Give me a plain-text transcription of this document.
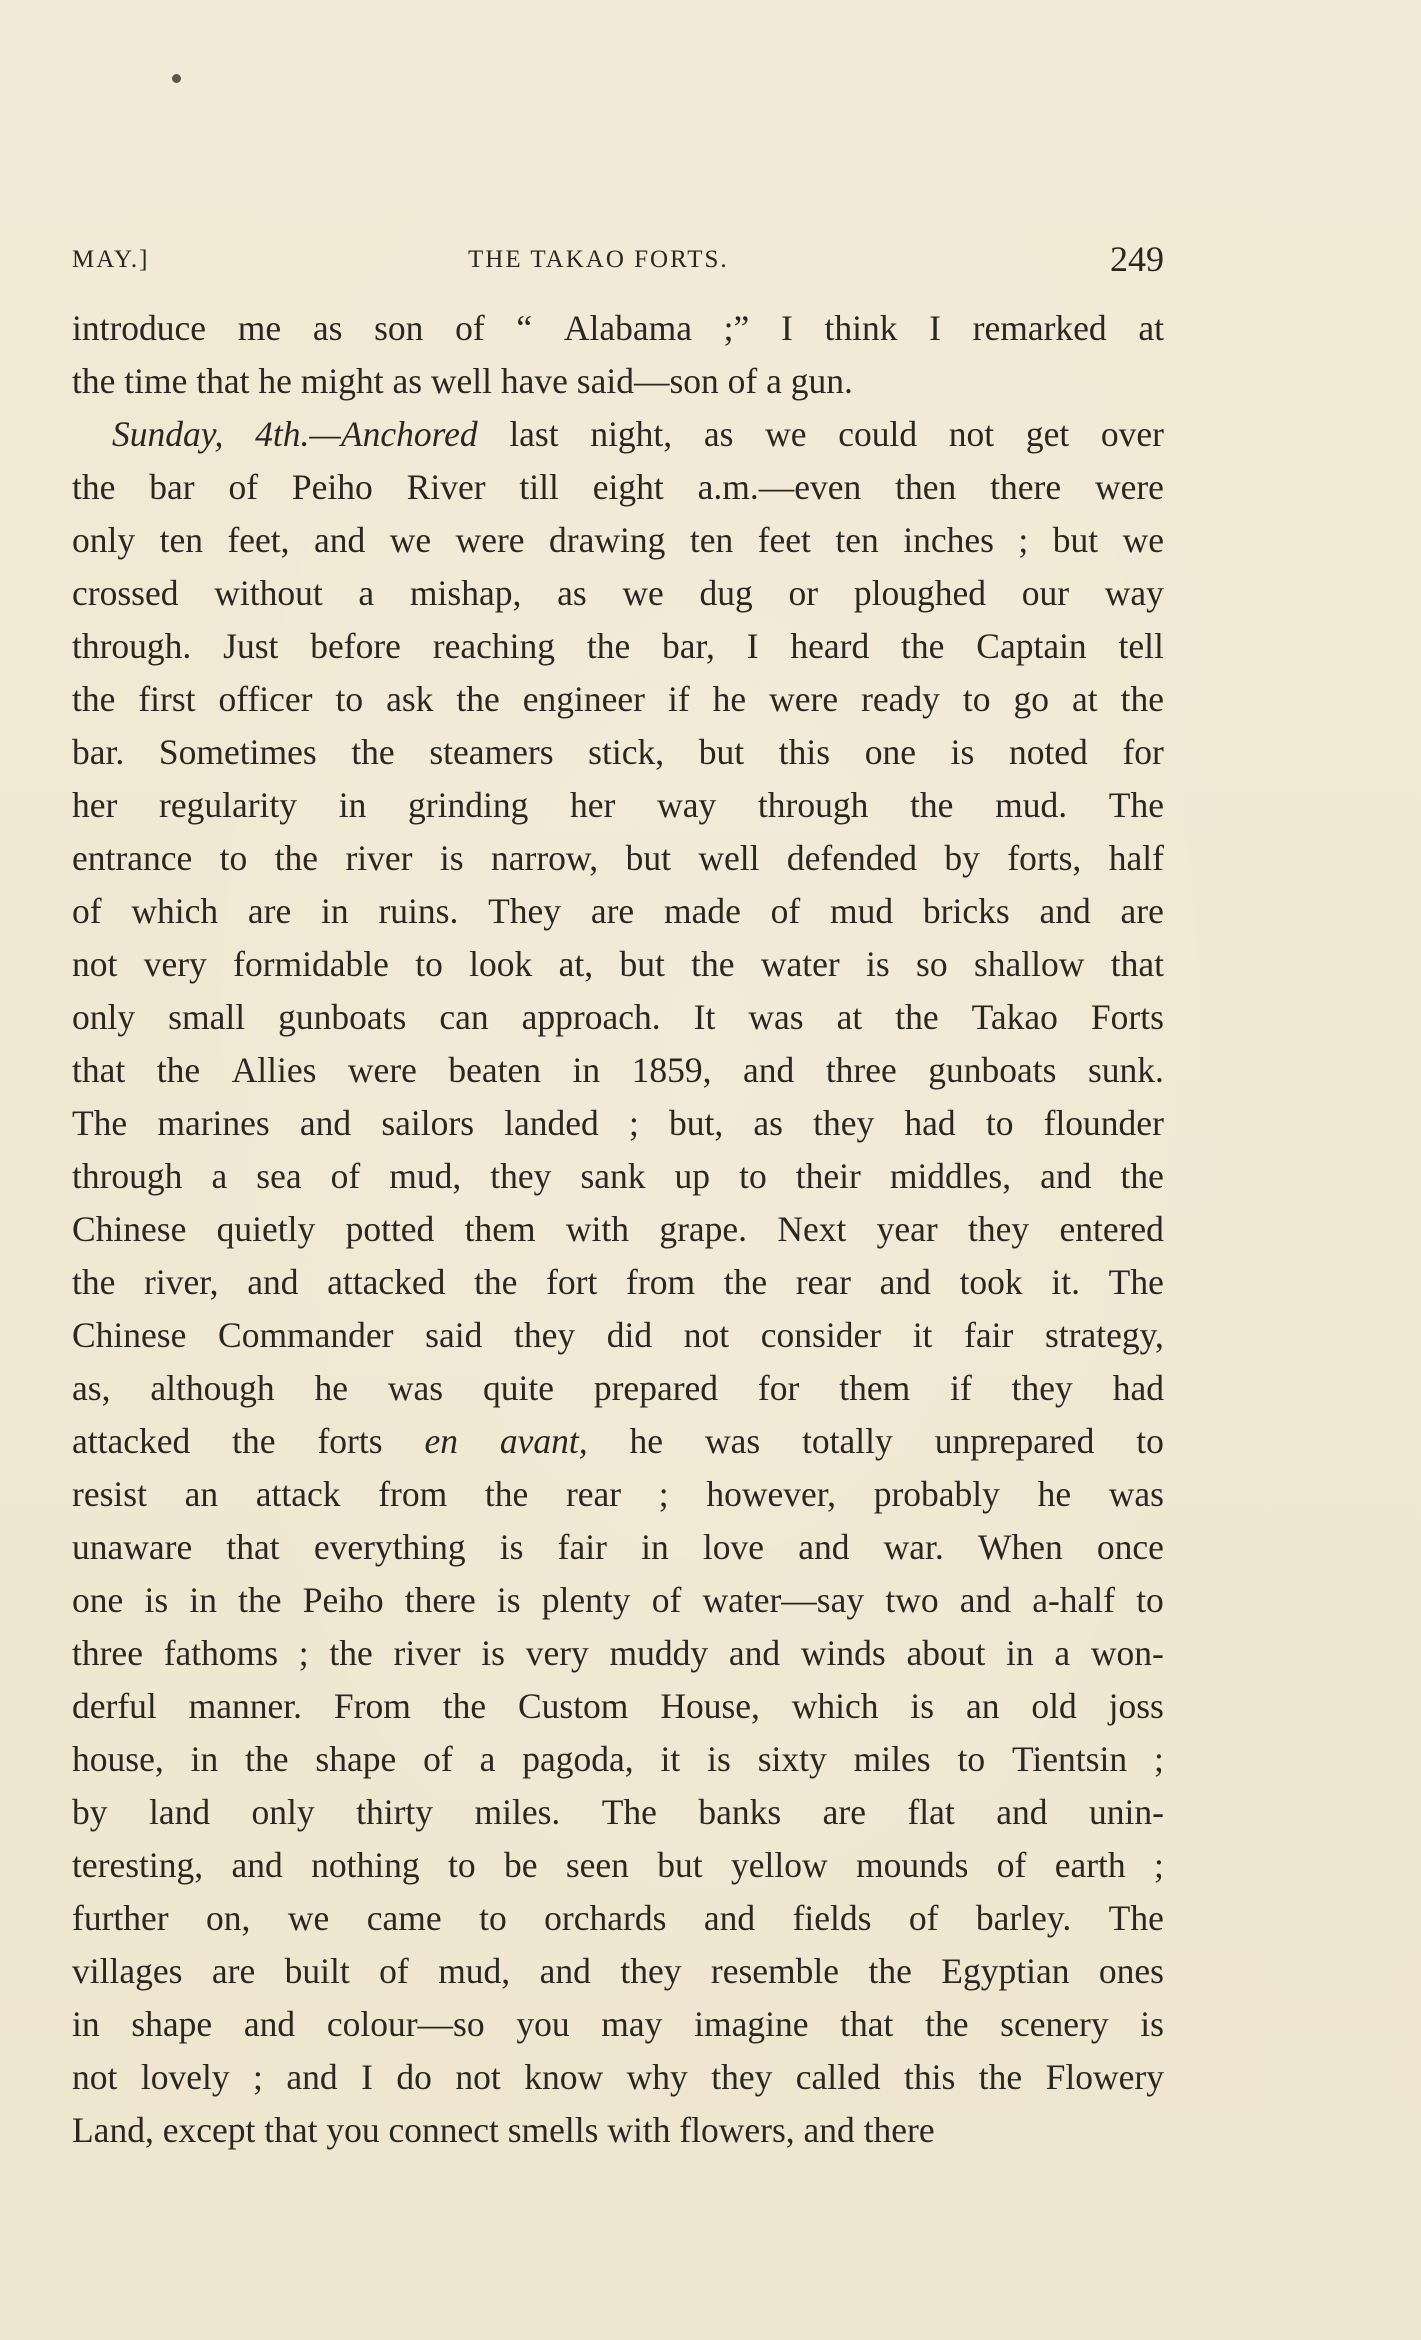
MAY.]	THE TAKAO FORTS.	249
introduce me as son of “ Alabama ;” I think I remarked at
the time that he might as well have said—son of a gun.
Sunday, 4th.—Anchored last night, as we could not get over
the bar of Peiho River till eight a.m.—even then there were
only ten feet, and we were drawing ten feet ten inches ; but we
crossed without a mishap, as we dug or ploughed our way
through. Just before reaching the bar, I heard the Captain tell
the first officer to ask the engineer if he were ready to go at the
bar. Sometimes the steamers stick, but this one is noted for
her regularity in grinding her way through the mud. The
entrance to the river is narrow, but well defended by forts, half
of which are in ruins. They are made of mud bricks and are
not very formidable to look at, but the water is so shallow that
only small gunboats can approach. It was at the Takao Forts
that the Allies were beaten in 1859, and three gunboats sunk.
The marines and sailors landed ; but, as they had to flounder
through a sea of mud, they sank up to their middles, and the
Chinese quietly potted them with grape. Next year they entered
the river, and attacked the fort from the rear and took it. The
Chinese Commander said they did not consider it fair strategy,
as, although he was quite prepared for them if they had
attacked the forts en avant, he was totally unprepared to
resist an attack from the rear ; however, probably he was
unaware that everything is fair in love and war. When once
one is in the Peiho there is plenty of water—say two and a-half to
three fathoms ; the river is very muddy and winds about in a won-
derful manner. From the Custom House, which is an old joss
house, in the shape of a pagoda, it is sixty miles to Tientsin ;
by land only thirty miles. The banks are flat and unin-
teresting, and nothing to be seen but yellow mounds of earth ;
further on, we came to orchards and fields of barley. The
villages are built of mud, and they resemble the Egyptian ones
in shape and colour—so you may imagine that the scenery is
not lovely ; and I do not know why they called this the Flowery
Land, except that you connect smells with flowers, and there
